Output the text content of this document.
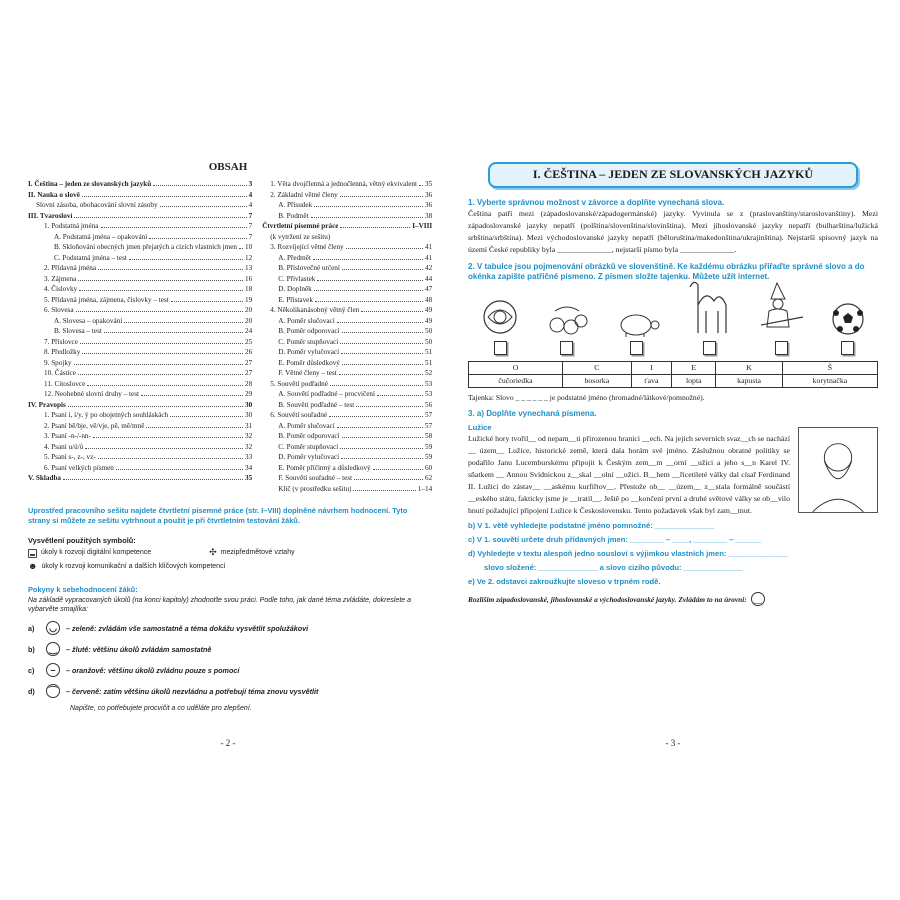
OBSAH
I. Čeština – jeden ze slovanských jazyků	3
II. Nauka o slově	4
Slovní zásoba, obohacování slovní zásoby	4
III. Tvarosloví	7
1. Podstatná jména	7
A. Podstatná jména – opakování	7
B. Skloňování obecných jmen přejatých a cizích vlastních jmen 10
C. Podstatná jména – test	12
2. Přídavná jména	13
3. Zájmena	16
4. Číslovky	18
5. Přídavná jména, zájmena, číslovky – test	19
6. Slovesa	20
A. Slovesa – opakování	20
B. Slovesa – test	24
7. Příslovce	25
8. Předložky	26
9. Spojky	27
10. Částice	27
11. Citoslovce	28
12. Neohebné slovní druhy – test	29
IV. Pravopis	30
1. Psaní i, í/y, ý po obojetných souhláskách	30
2. Psaní bě/bje, vě/vje, pě, mě/mně	31
3. Psaní -n-/-nn-	32
4. Psaní u/ú/ů	32
5. Psaní s-, z-, vz-	33
6. Psaní velkých písmen	34
V. Skladba	35
1. Věta dvojčlenná a jednočlenná, větný ekvivalent 35
2. Základní větné členy	36
A. Přísudek	36
B. Podmět	38
Čtvrtletní písemné práce	I–VIII
(k vytržení ze sešitu)
3. Rozvíjející větné členy	41
A. Předmět	41
B. Příslovečné určení	42
C. Přívlastek	44
D. Doplněk	47
E. Přístavek	48
4. Několikanásobný větný člen	49
A. Poměr slučovací	49
B. Poměr odporovací	50
C. Poměr stupňovací	50
D. Poměr vylučovací	51
E. Poměr důsledkový	51
F. Větné členy – test	52
5. Souvětí podřadné	53
A. Souvětí podřadné – procvičení	53
B. Souvětí podřadné – test	56
6. Souvětí souřadné	57
A. Poměr slučovací	57
B. Poměr odporovací	58
C. Poměr stupňovací	59
D. Poměr vylučovací	59
E. Poměr příčinný a důsledkový	60
F. Souvětí souřadné – test	62
Klíč (v prostředku sešitu)	1–14
Uprostřed pracovního sešitu najdete čtvrtletní písemné práce (str. I–VIII) doplněné návrhem hodnocení. Tyto strany si můžete ze sešitu vytrhnout a použít je při čtvrtletním testování žáků.
Vysvětlení použitých symbolů:
úkoly k rozvoji digitální kompetence	✣ mezipředmětové vztahy
☻ úkoly k rozvoji komunikační a dalších klíčových kompetencí
Pokyny k sebehodnocení žáků:
Na základě vypracovaných úkolů (na konci kapitoly) zhodnoťte svou práci. Podle toho, jak dané téma zvládáte, dokreslete a vybarvěte smajlíka:
a)	◡	– zeleně: zvládám vše samostatně a téma dokážu vysvětlit spolužákovi
b)	‿	– žlutě: většinu úkolů zvládám samostatně
c)	–	– oranžově: většinu úkolů zvládnu pouze s pomocí
d)	⌒	– červeně: zatím většinu úkolů nezvládnu a potřebují téma znovu vysvětlit
Napište, co potřebujete procvičit a co uděláte pro zlepšení.
- 2 -
I. ČEŠTINA – JEDEN ZE SLOVANSKÝCH JAZYKŮ
1. Vyberte správnou možnost v závorce a doplňte vynechaná slova.
Čeština patří mezi (západoslovanské/západogermánské) jazyky. Vyvinula se z (praslovanštiny/staroslovanštiny). Mezi západoslovanské jazyky nepatří (polština/slovenština/slovinština). Mezi jihoslovanské jazyky nepatří (bulharština/lužická srbština/srbština). Mezi východoslovanské jazyky nepatří (běloruština/makedonština/ukrajinština). Nejstarší spisovný jazyk na území České republiky byla ______________, nejstarší písmo byla ______________.
2. V tabulce jsou pojmenování obrázků ve slovenštině. Ke každému obrázku přiřaďte správné slovo a do okénka zapište patřičné písmeno. Z písmen složte tajenku. Můžete užít internet.
O	C	I	E	K	Š
čučoriedka	bosorka	ťava	lopta	kapusta	korytnačka
Tajenka: Slovo _ _ _ _ _ _ je podstatné jméno (hromadné/látkové/pomnožné).
3. a) Doplňte vynechaná písmena.
Lužice
Lužické hory tvořil__ od nepam__ti přirozenou hranici __ech. Na jejich severních svaz__ch se nachází __ územ__ Lužice, historické země, která dala horám své jméno. Záslužnou obratné politiky se podařilo Janu Lucemburskému připojit k Českým zem__m __orní __užici a jeho s__n Karel IV. sňatkem __ Annou Svídnickou z__skal __olní __užici. B__hem __řicetileté války dal císař Ferdinand II. Lužici do zástav__ __askému kurfiřtov__. Přestože ob__ __územ__ z__stala formálně součástí __eského státu, fakticky jsme je __tratil__. Ještě po __končení první a druhé světové války se ob__vilo hnutí požadující připojení Lužice k Československu. Tento požadavek však byl zam__tnut.
b) V 1. větě vyhledejte podstatné jméno pomnožné: ______________
c) V 1. souvětí určete druh přídavných jmen: ________ – ____, ________ – ______
d) Vyhledejte v textu alespoň jedno sousloví s výjimkou vlastních jmen: ______________
slovo složené: ______________ a slovo cizího původu: ______________
e) Ve 2. odstavci zakroužkujte sloveso v trpném rodě.
Rozlišim západoslovanské, jihoslovanské a východoslovanské jazyky. Zvládám to na úrovni: ‿
- 3 -
